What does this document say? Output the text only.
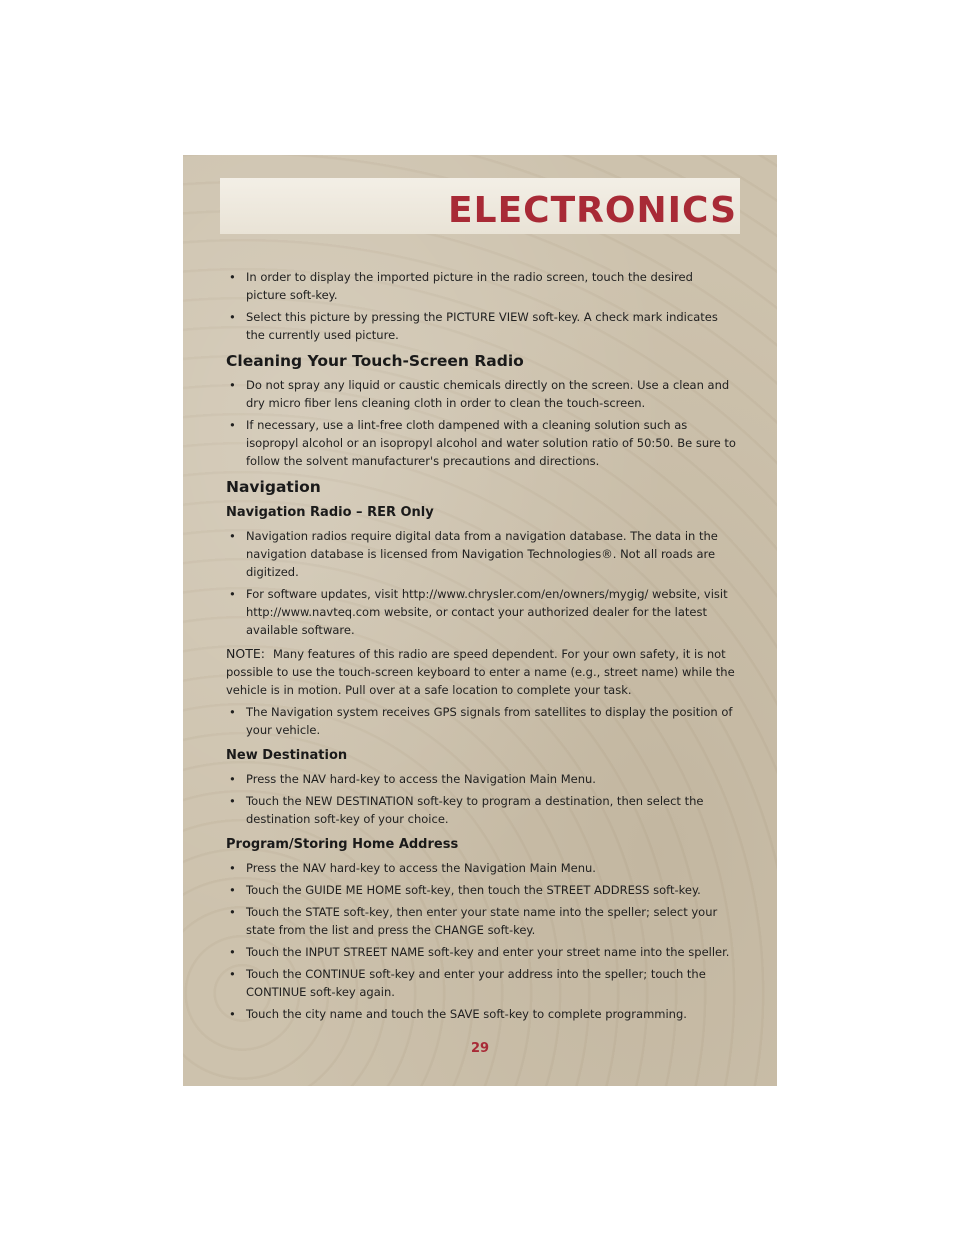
ELECTRONICS
• In order to display the imported picture in the radio screen, touch the desired picture soft-key.
• Select this picture by pressing the PICTURE VIEW soft-key. A check mark indicates the currently used picture.
Cleaning Your Touch-Screen Radio
• Do not spray any liquid or caustic chemicals directly on the screen. Use a clean and dry micro fiber lens cleaning cloth in order to clean the touch-screen.
• If necessary, use a lint-free cloth dampened with a cleaning solution such as isopropyl alcohol or an isopropyl alcohol and water solution ratio of 50:50. Be sure to follow the solvent manufacturer's precautions and directions.
Navigation
Navigation Radio – RER Only
• Navigation radios require digital data from a navigation database. The data in the navigation database is licensed from Navigation Technologies®. Not all roads are digitized.
• For software updates, visit http://www.chrysler.com/en/owners/mygig/ website, visit http://www.navteq.com website, or contact your authorized dealer for the latest available software.
NOTE: Many features of this radio are speed dependent. For your own safety, it is not possible to use the touch-screen keyboard to enter a name (e.g., street name) while the vehicle is in motion. Pull over at a safe location to complete your task.
• The Navigation system receives GPS signals from satellites to display the position of your vehicle.
New Destination
• Press the NAV hard-key to access the Navigation Main Menu.
• Touch the NEW DESTINATION soft-key to program a destination, then select the destination soft-key of your choice.
Program/Storing Home Address
• Press the NAV hard-key to access the Navigation Main Menu.
• Touch the GUIDE ME HOME soft-key, then touch the STREET ADDRESS soft-key.
• Touch the STATE soft-key, then enter your state name into the speller; select your state from the list and press the CHANGE soft-key.
• Touch the INPUT STREET NAME soft-key and enter your street name into the speller.
• Touch the CONTINUE soft-key and enter your address into the speller; touch the CONTINUE soft-key again.
• Touch the city name and touch the SAVE soft-key to complete programming.
29
